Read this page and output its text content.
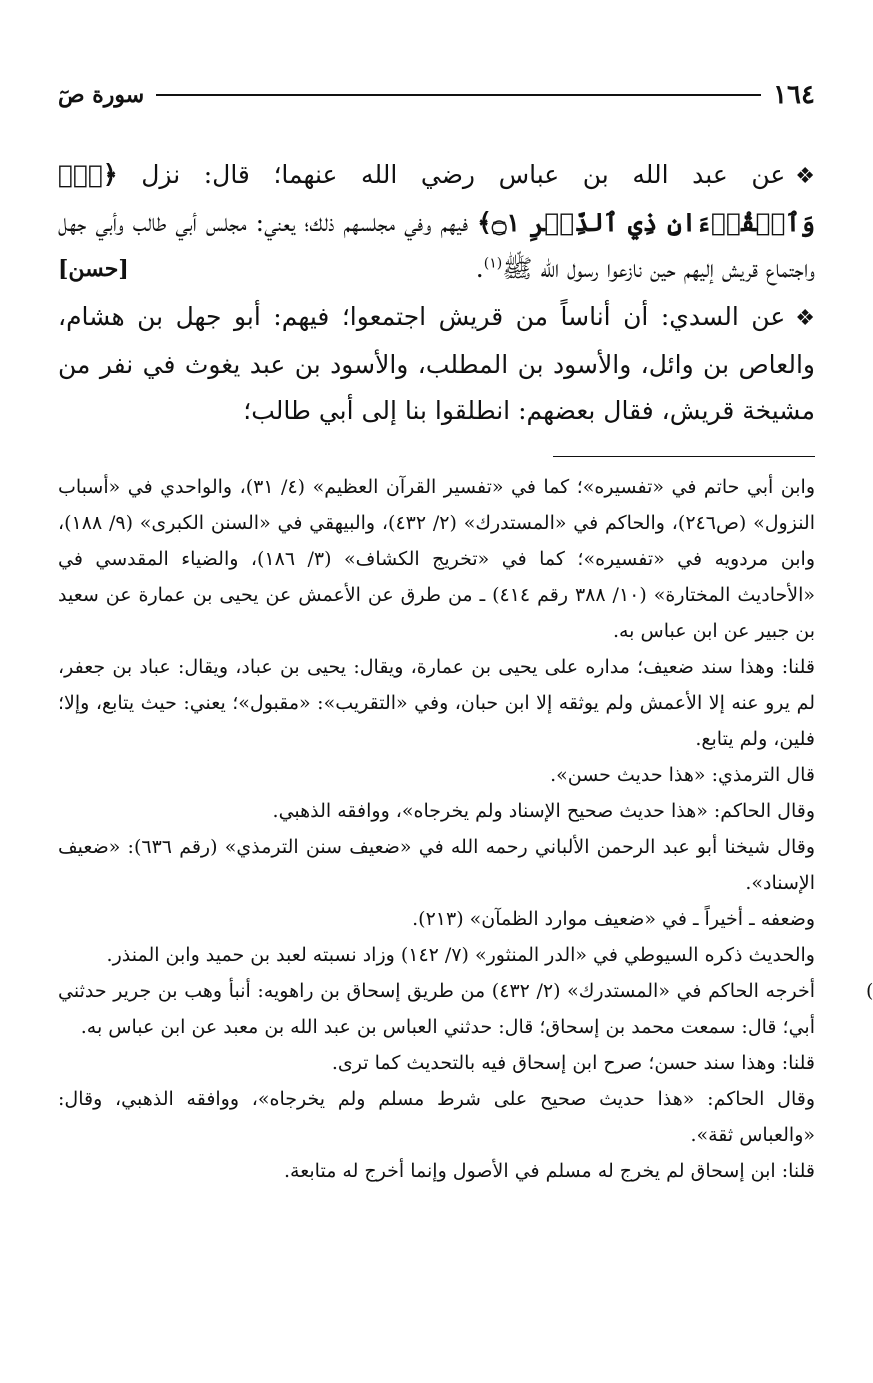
١٦٤
سورة صٓ

❖عن عبد الله بن عباس رضي الله عنهما؛ قال: نزل ﴿صٓۚ وَٱلۡقُرۡءَانِ ذِي ٱلذِّكۡرِ ۝١﴾ فيهم وفي مجلسهم ذلك؛ يعني: مجلس أبي طالب وأبي جهل واجتماع قريش إليهم حين نازعوا رسول الله ﷺ$^{(١)}$.
[حسن]

❖عن السدي: أن أناساً من قريش اجتمعوا؛ فيهم: أبو جهل بن هشام، والعاص بن وائل، والأسود بن المطلب، والأسود بن عبد يغوث في نفر من مشيخة قريش، فقال بعضهم: انطلقوا بنا إلى أبي طالب؛

وابن أبي حاتم في «تفسيره»؛ كما في «تفسير القرآن العظيم» (٤/ ٣١)، والواحدي في «أسباب النزول» (ص٢٤٦)، والحاكم في «المستدرك» (٢/ ٤٣٢)، والبيهقي في «السنن الكبرى» (٩/ ١٨٨)، وابن مردويه في «تفسيره»؛ كما في «تخريج الكشاف» (٣/ ١٨٦)، والضياء المقدسي في «الأحاديث المختارة» (١٠/ ٣٨٨ رقم ٤١٤) ـ من طرق عن الأعمش عن يحيى بن عمارة عن سعيد بن جبير عن ابن عباس به.

قلنا: وهذا سند ضعيف؛ مداره على يحيى بن عمارة، ويقال: يحيى بن عباد، ويقال: عباد بن جعفر، لم يرو عنه إلا الأعمش ولم يوثقه إلا ابن حبان، وفي «التقريب»: «مقبول»؛ يعني: حيث يتابع، وإلا؛ فلين، ولم يتابع.

قال الترمذي: «هذا حديث حسن».

وقال الحاكم: «هذا حديث صحيح الإسناد ولم يخرجاه»، ووافقه الذهبي.

وقال شيخنا أبو عبد الرحمن الألباني رحمه الله في «ضعيف سنن الترمذي» (رقم ٦٣٦): «ضعيف الإسناد».

وضعفه ـ أخيراً ـ في «ضعيف موارد الظمآن» (٢١٣).

والحديث ذكره السيوطي في «الدر المنثور» (٧/ ١٤٢) وزاد نسبته لعبد بن حميد وابن المنذر.

)

أخرجه الحاكم في «المستدرك» (٢/ ٤٣٢) من طريق إسحاق بن راهويه: أنبأ وهب بن جرير حدثني أبي؛ قال: سمعت محمد بن إسحاق؛ قال: حدثني العباس بن عبد الله بن معبد عن ابن عباس به.

قلنا: وهذا سند حسن؛ صرح ابن إسحاق فيه بالتحديث كما ترى.

وقال الحاكم: «هذا حديث صحيح على شرط مسلم ولم يخرجاه»، ووافقه الذهبي، وقال: «والعباس ثقة».

قلنا: ابن إسحاق لم يخرج له مسلم في الأصول وإنما أخرج له متابعة.
